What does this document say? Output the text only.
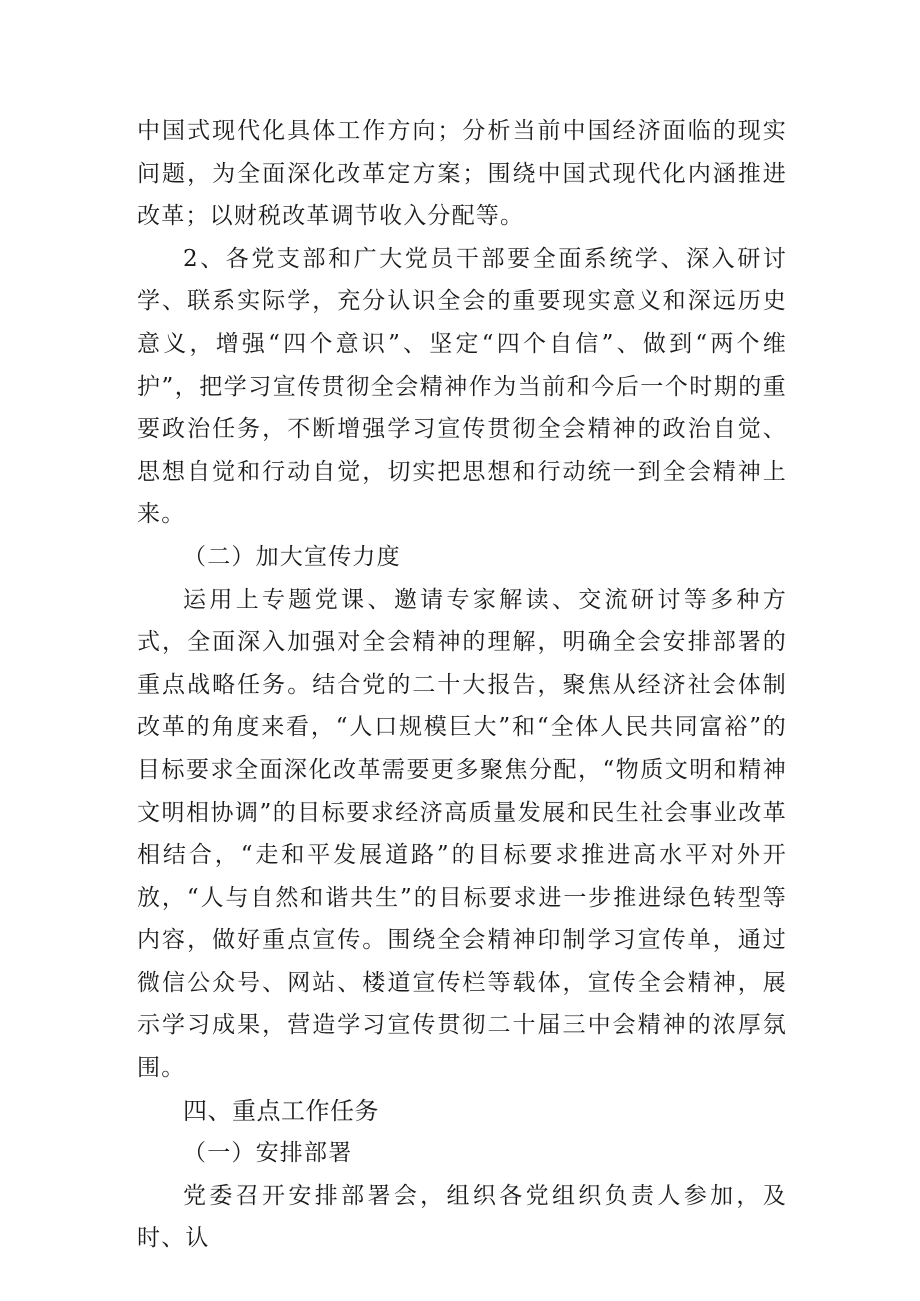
中国式现代化具体工作方向；分析当前中国经济面临的现实问题，为全面深化改革定方案；围绕中国式现代化内涵推进改革；以财税改革调节收入分配等。

2、各党支部和广大党员干部要全面系统学、深入研讨学、联系实际学，充分认识全会的重要现实意义和深远历史意义，增强“四个意识”、坚定“四个自信”、做到“两个维护”，把学习宣传贯彻全会精神作为当前和今后一个时期的重要政治任务，不断增强学习宣传贯彻全会精神的政治自觉、思想自觉和行动自觉，切实把思想和行动统一到全会精神上来。

（二）加大宣传力度

运用上专题党课、邀请专家解读、交流研讨等多种方式，全面深入加强对全会精神的理解，明确全会安排部署的重点战略任务。结合党的二十大报告，聚焦从经济社会体制改革的角度来看，“人口规模巨大”和“全体人民共同富裕”的目标要求全面深化改革需要更多聚焦分配，“物质文明和精神文明相协调”的目标要求经济高质量发展和民生社会事业改革相结合，“走和平发展道路”的目标要求推进高水平对外开放，“人与自然和谐共生”的目标要求进一步推进绿色转型等内容，做好重点宣传。围绕全会精神印制学习宣传单，通过微信公众号、网站、楼道宣传栏等载体，宣传全会精神，展示学习成果，营造学习宣传贯彻二十届三中会精神的浓厚氛围。

四、重点工作任务

（一）安排部署

党委召开安排部署会，组织各党组织负责人参加，及时、认
